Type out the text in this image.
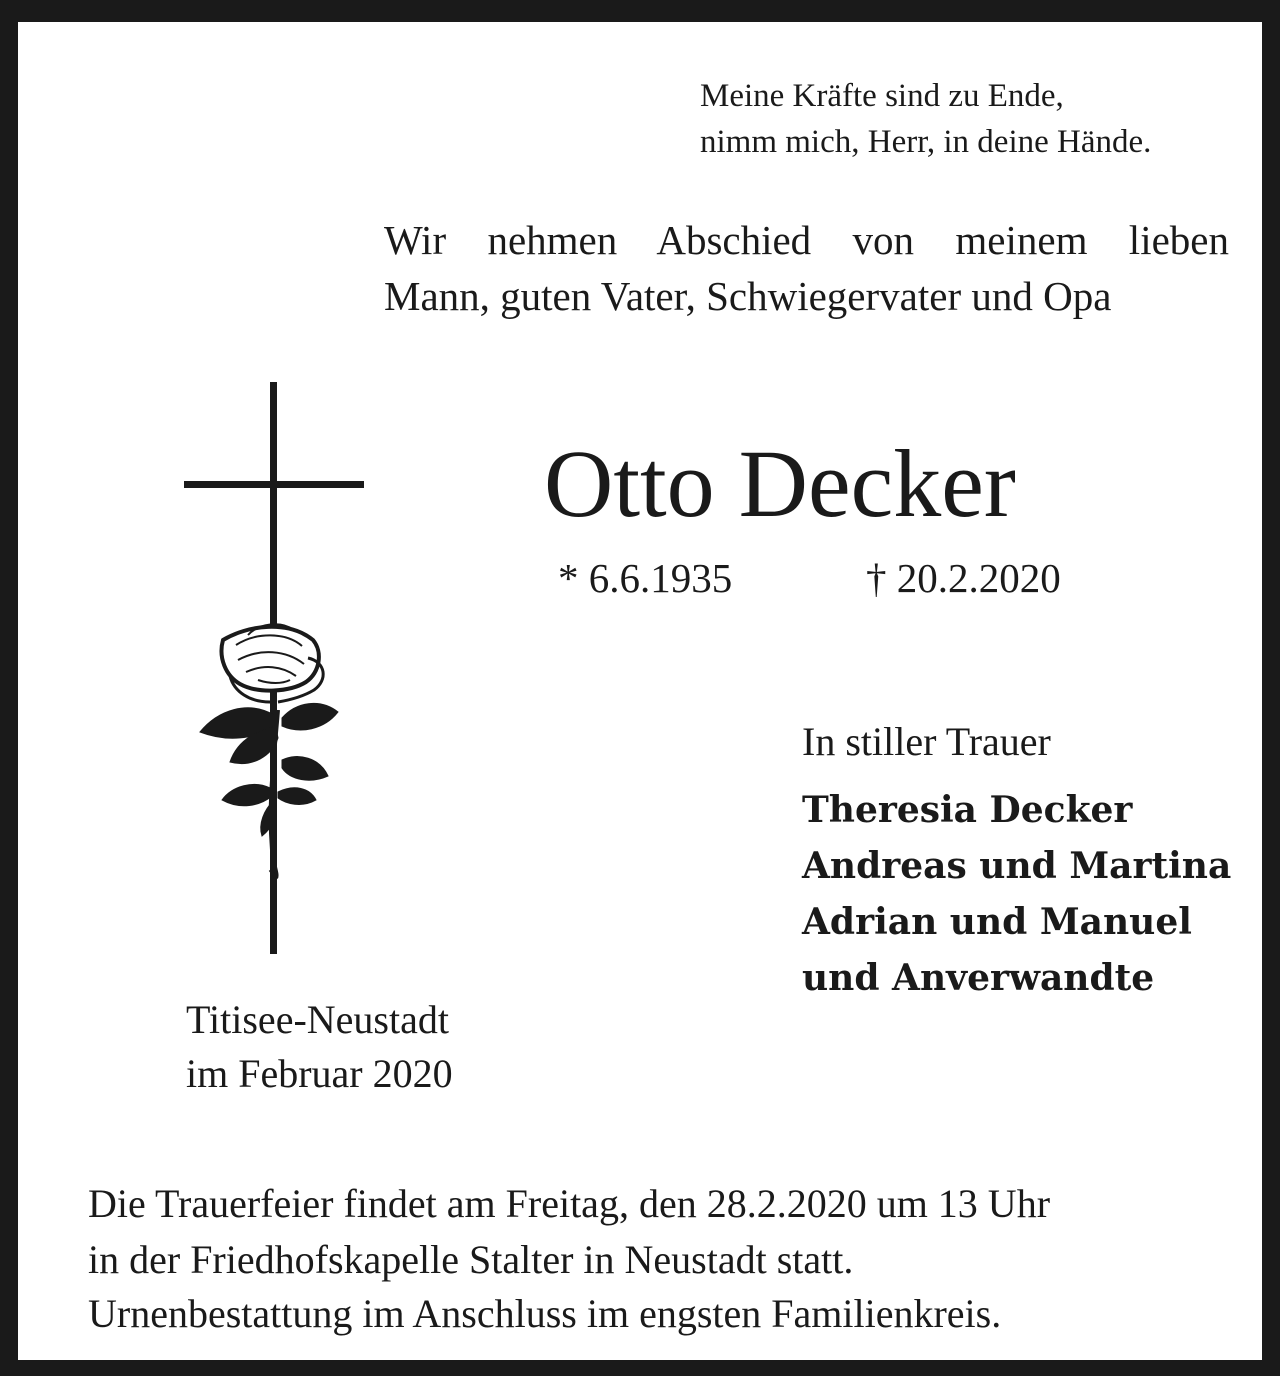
Meine Kräfte sind zu Ende,

nimm mich, Herr, in deine Hände.

Wir nehmen Abschied von meinem lieben

Mann, guten Vater, Schwiegervater und Opa

Otto Decker

* 6.6.1935	† 20.2.2020

In stiller Trauer

Theresia Decker

Andreas und Martina

Adrian und Manuel

und Anverwandte

Titisee-Neustadt

im Februar 2020

Die Trauerfeier findet am Freitag, den 28.2.2020 um 13 Uhr

in der Friedhofskapelle Stalter in Neustadt statt.

Urnenbestattung im Anschluss im engsten Familienkreis.
